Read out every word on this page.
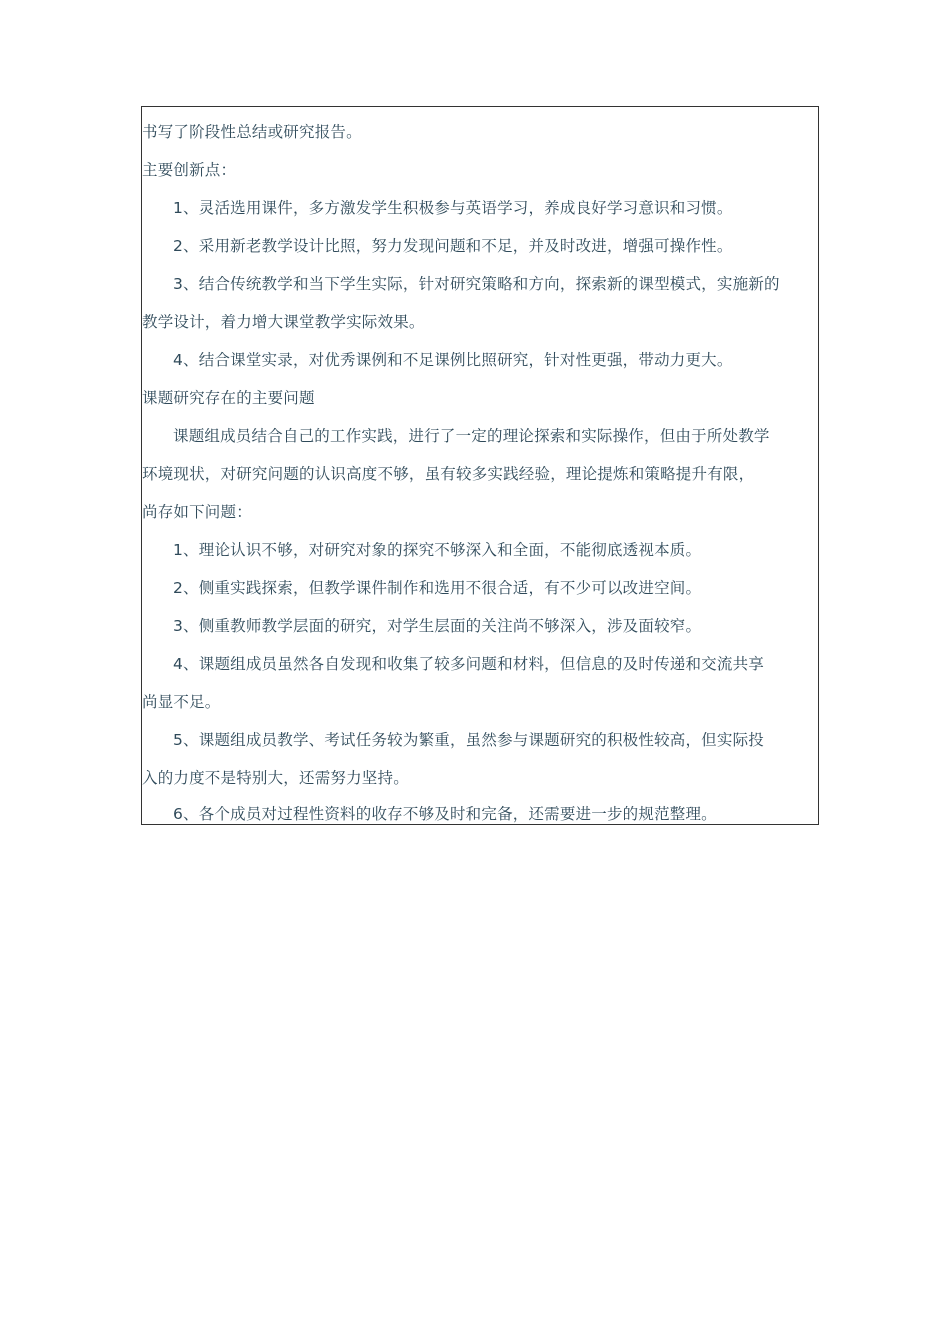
书写了阶段性总结或研究报告。
主要创新点：
1、灵活选用课件，多方激发学生积极参与英语学习，养成良好学习意识和习惯。
2、采用新老教学设计比照，努力发现问题和不足，并及时改进，增强可操作性。
3、结合传统教学和当下学生实际，针对研究策略和方向，探索新的课型模式，实施新的
教学设计，着力增大课堂教学实际效果。
4、结合课堂实录，对优秀课例和不足课例比照研究，针对性更强，带动力更大。
课题研究存在的主要问题
课题组成员结合自己的工作实践，进行了一定的理论探索和实际操作，但由于所处教学
环境现状，对研究问题的认识高度不够，虽有较多实践经验，理论提炼和策略提升有限，
尚存如下问题：
1、理论认识不够，对研究对象的探究不够深入和全面，不能彻底透视本质。
2、侧重实践探索，但教学课件制作和选用不很合适，有不少可以改进空间。
3、侧重教师教学层面的研究，对学生层面的关注尚不够深入，涉及面较窄。
4、课题组成员虽然各自发现和收集了较多问题和材料，但信息的及时传递和交流共享
尚显不足。
5、课题组成员教学、考试任务较为繁重，虽然参与课题研究的积极性较高，但实际投
入的力度不是特别大，还需努力坚持。
6、各个成员对过程性资料的收存不够及时和完备，还需要进一步的规范整理。
